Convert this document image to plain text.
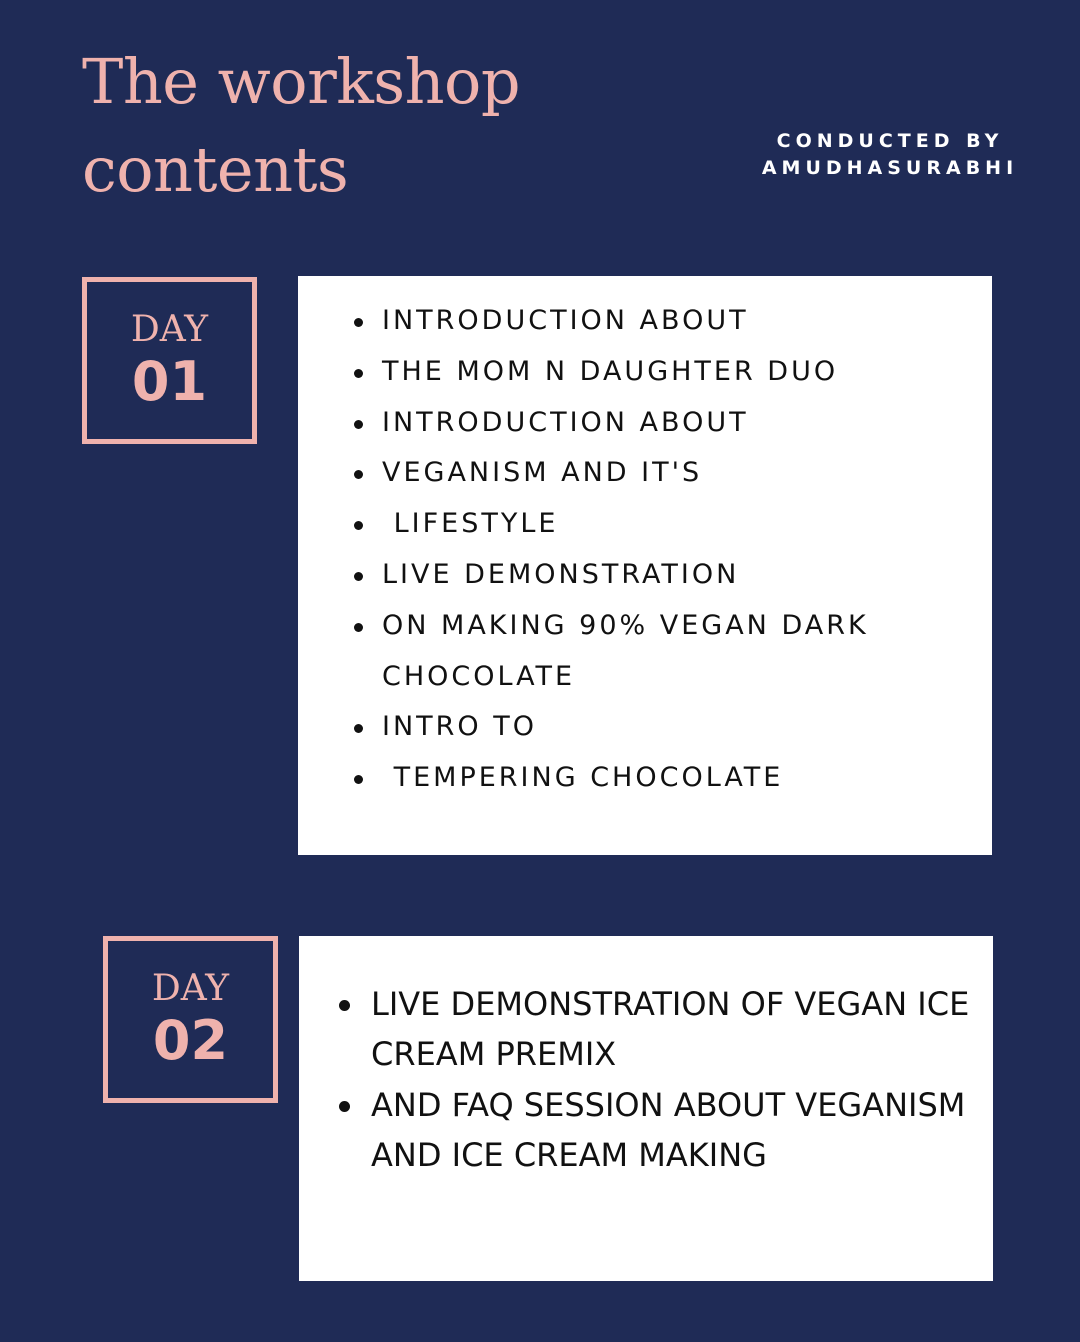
The workshop
contents	CONDUCTED BY
AMUDHASURABHI

DAY
01
INTRODUCTION ABOUT
THE MOM N DAUGHTER DUO
INTRODUCTION ABOUT
VEGANISM AND IT'S
LIFESTYLE
LIVE DEMONSTRATION
ON MAKING 90% VEGAN DARK CHOCOLATE
INTRO TO
TEMPERING CHOCOLATE
DAY
02
LIVE DEMONSTRATION OF VEGAN ICE CREAM PREMIX
AND FAQ SESSION ABOUT VEGANISM AND ICE CREAM MAKING
